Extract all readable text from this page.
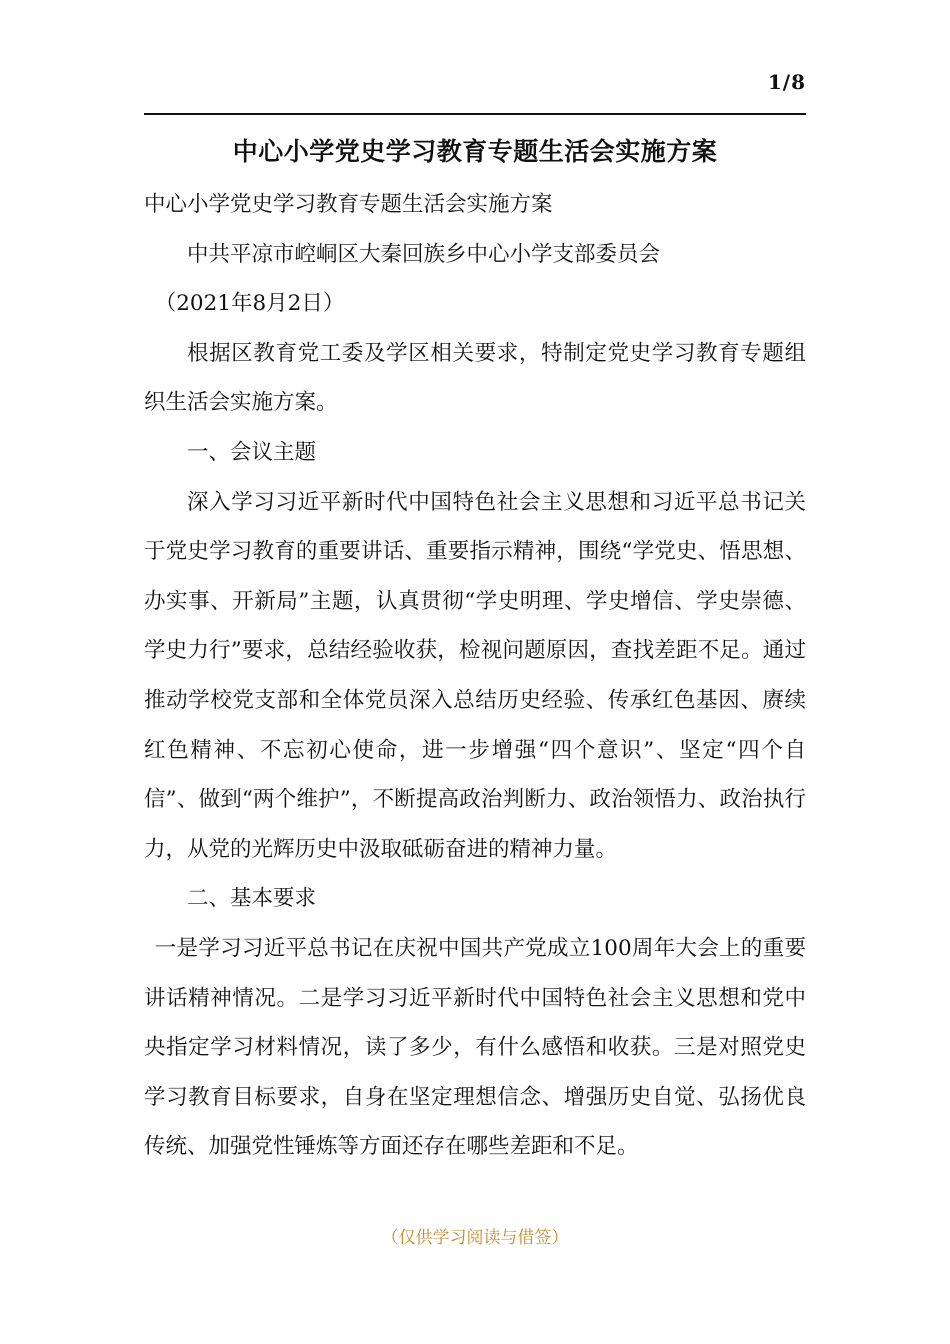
1/8
中心小学党史学习教育专题生活会实施方案

中心小学党史学习教育专题生活会实施方案

中共平凉市崆峒区大秦回族乡中心小学支部委员会

（2021年8月2日）

根据区教育党工委及学区相关要求，特制定党史学习教育专题组织生活会实施方案。

一、会议主题

深入学习习近平新时代中国特色社会主义思想和习近平总书记关于党史学习教育的重要讲话、重要指示精神，围绕“学党史、悟思想、办实事、开新局”主题，认真贯彻“学史明理、学史增信、学史崇德、学史力行”要求，总结经验收获，检视问题原因，查找差距不足。通过推动学校党支部和全体党员深入总结历史经验、传承红色基因、赓续红色精神、不忘初心使命，进一步增强“四个意识”、坚定“四个自信”、做到“两个维护”，不断提高政治判断力、政治领悟力、政治执行力，从党的光辉历史中汲取砥砺奋进的精神力量。

二、基本要求

一是学习习近平总书记在庆祝中国共产党成立100周年大会上的重要讲话精神情况。二是学习习近平新时代中国特色社会主义思想和党中央指定学习材料情况，读了多少，有什么感悟和收获。三是对照党史学习教育目标要求，自身在坚定理想信念、增强历史自觉、弘扬优良传统、加强党性锤炼等方面还存在哪些差距和不足。

（仅供学习阅读与借签）
